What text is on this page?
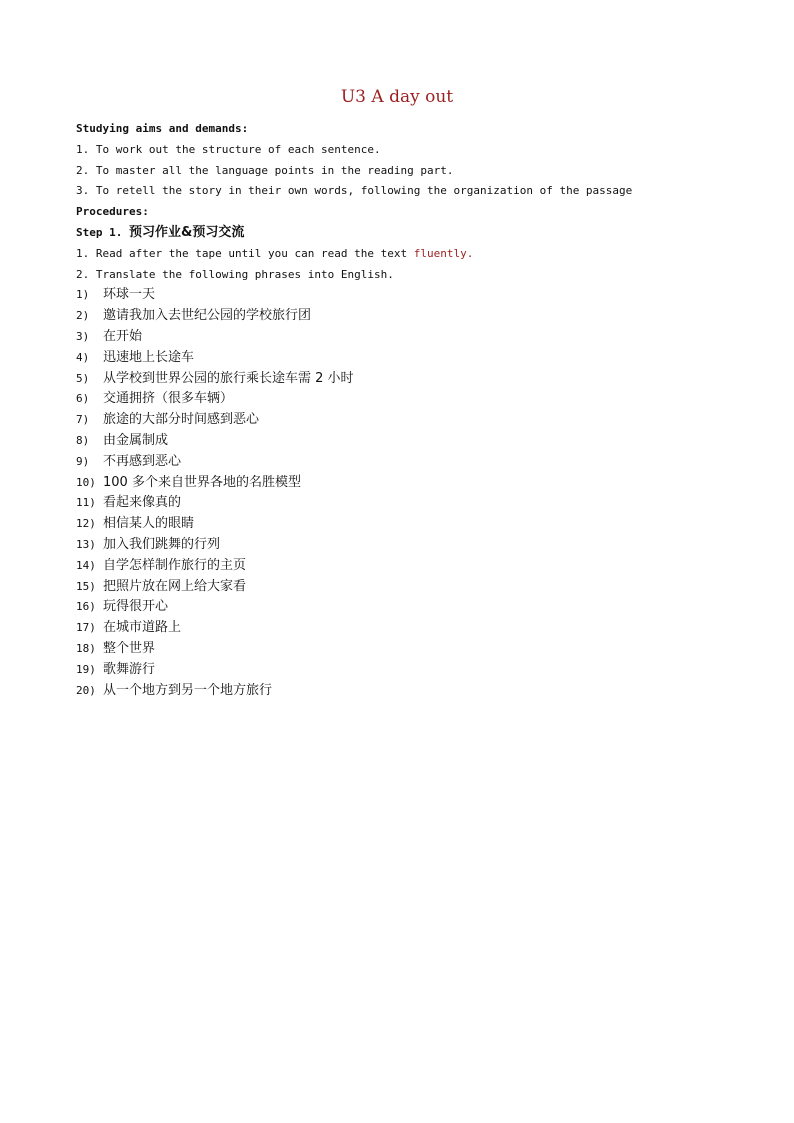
U3 A day out
Studying aims and demands:
1. To work out the structure of each sentence.
2. To master all the language points in the reading part.
3. To retell the story in their own words, following the organization of the passage
Procedures:
Step 1. 预习作业&预习交流
1. Read after the tape until you can read the text fluently.
2. Translate the following phrases into English.
1) 环球一天
2) 邀请我加入去世纪公园的学校旅行团
3) 在开始
4) 迅速地上长途车
5) 从学校到世界公园的旅行乘长途车需 2 小时
6) 交通拥挤（很多车辆）
7) 旅途的大部分时间感到恶心
8) 由金属制成
9) 不再感到恶心
10) 100 多个来自世界各地的名胜模型
11) 看起来像真的
12) 相信某人的眼睛
13) 加入我们跳舞的行列
14) 自学怎样制作旅行的主页
15) 把照片放在网上给大家看
16) 玩得很开心
17) 在城市道路上
18) 整个世界
19) 歌舞游行
20) 从一个地方到另一个地方旅行
